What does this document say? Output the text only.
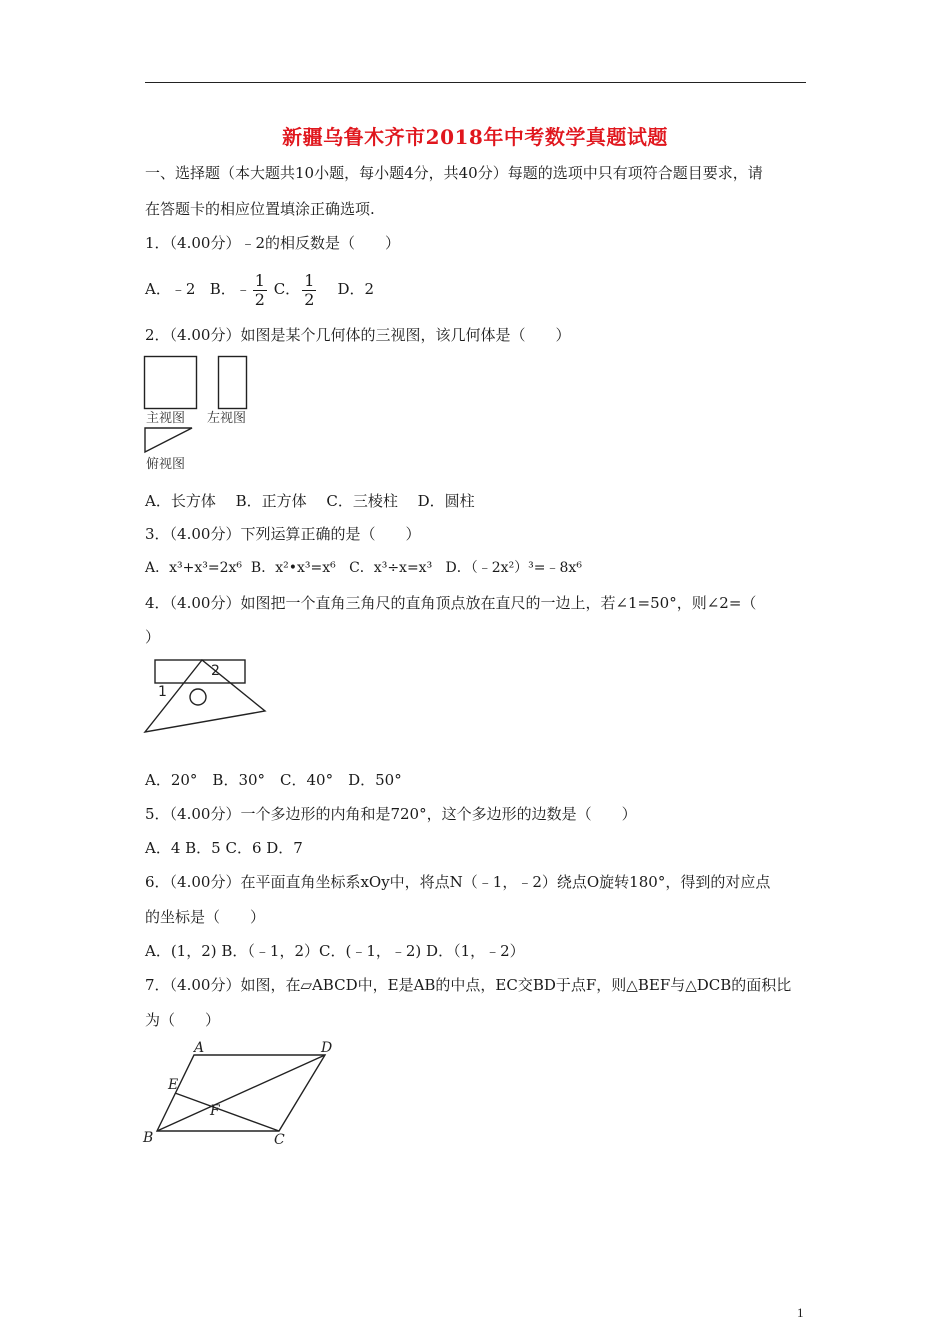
新疆乌鲁木齐市2018年中考数学真题试题
一、选择题（本大题共10小题，每小题4分，共40分）每题的选项中只有项符合题目要求，请
在答题卡的相应位置填涂正确选项.
1．（4.00分）﹣2的相反数是（　　）
A．﹣2 B．﹣ $\frac{1}{2}$ C． $\frac{1}{2}$ D．2
2．（4.00分）如图是某个几何体的三视图，该几何体是（　　）
主视图 左视图
俯视图
A．长方体　 B．正方体　 C．三棱柱　 D．圆柱
3．（4.00分）下列运算正确的是（　　）
A．x³+x³=2x⁶ B．x²•x³=x⁶ C．x³÷x=x³ D．（﹣2x²）³=﹣8x⁶
4．（4.00分）如图把一个直角三角尺的直角顶点放在直尺的一边上，若∠1=50°，则∠2=（
）
1
2
A．20°　B．30°　C．40°　D．50°
5．（4.00分）一个多边形的内角和是720°，这个多边形的边数是（　　）
A．4 B．5 C．6 D．7
6．（4.00分）在平面直角坐标系xOy中，将点N（﹣1，﹣2）绕点O旋转180°，得到的对应点
的坐标是（　　）
A．(1，2) B．（﹣1，2）C．(﹣1，﹣2) D．（1，﹣2）
7．（4.00分）如图，在▱ABCD中，E是AB的中点，EC交BD于点F，则△BEF与△DCB的面积比
为（　　）
A	D
E
F
B	C
1
